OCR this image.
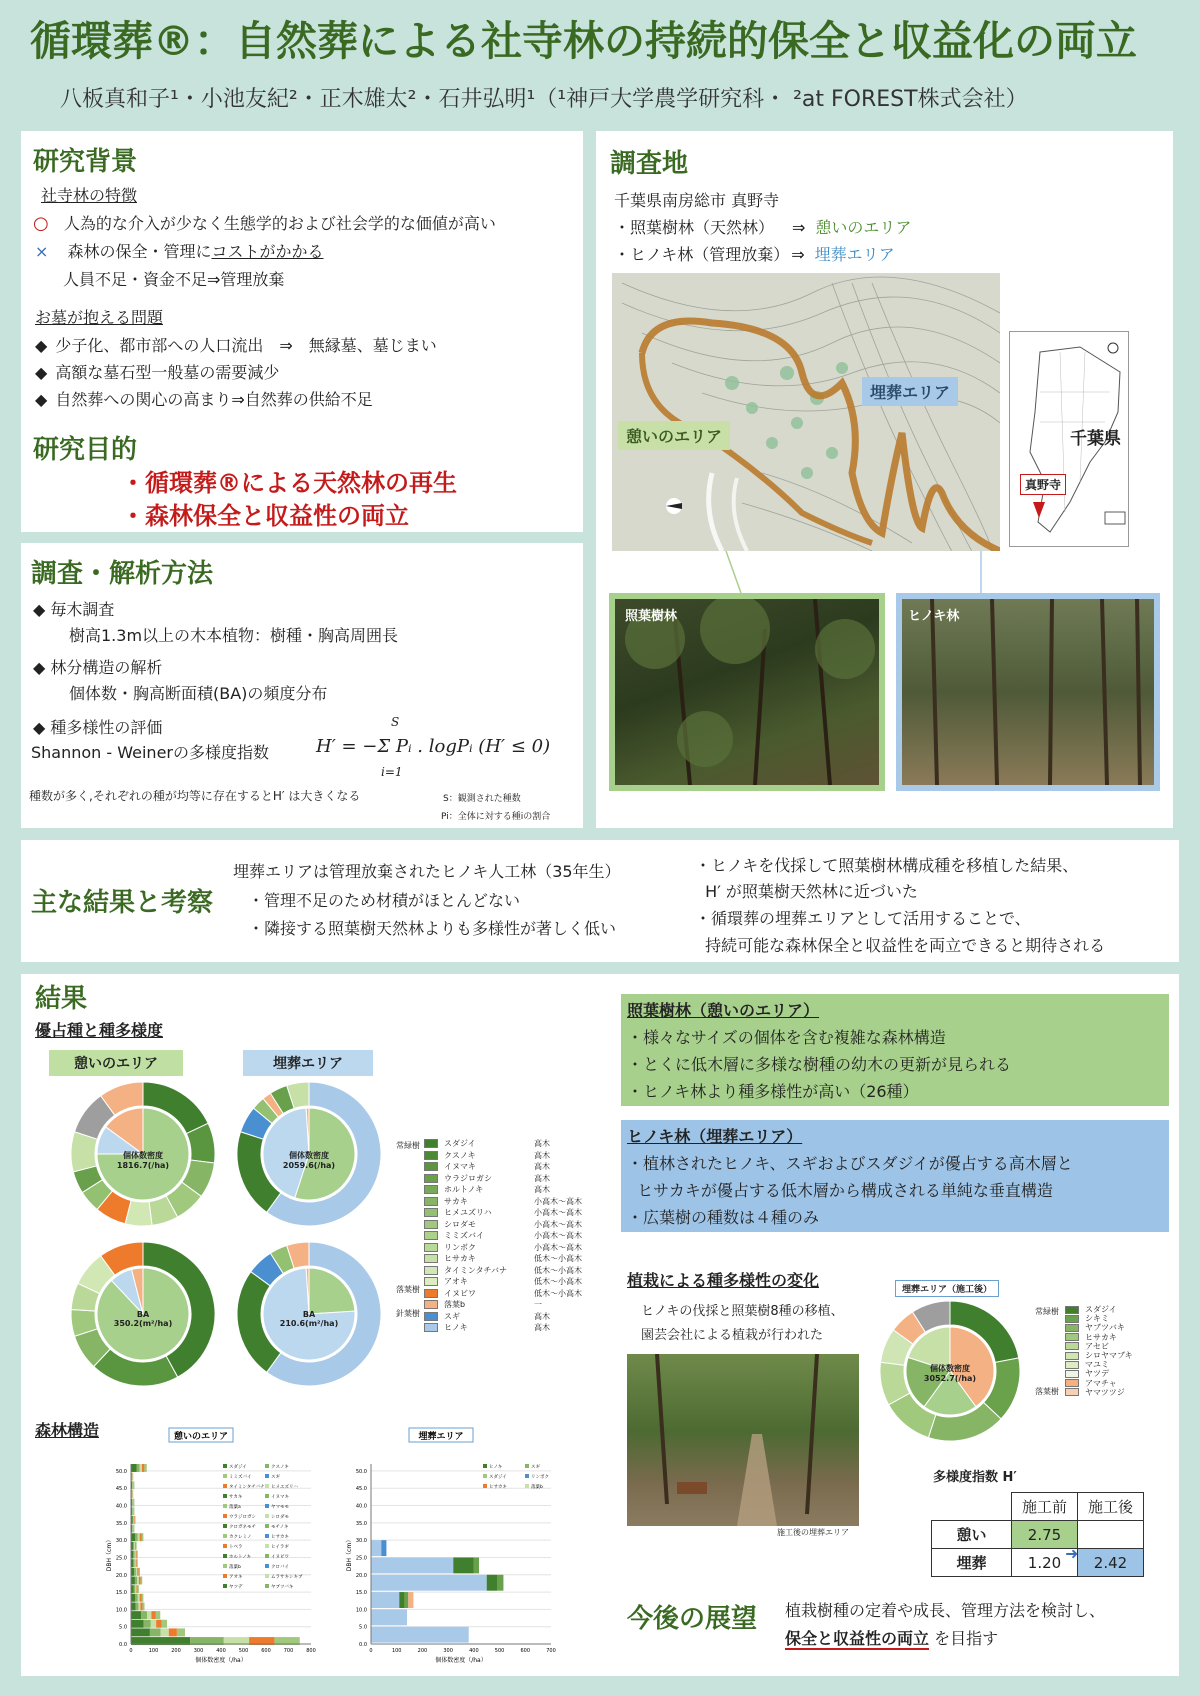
循環葬®：自然葬による社寺林の持続的保全と収益化の両立
八板真和子¹・小池友紀²・正木雄太²・石井弘明¹（¹神戸大学農学研究科・ ²at FOREST株式会社）
研究背景
社寺林の特徴
○ 人為的な介入が少なく生態学的および社会学的な価値が高い
× 森林の保全・管理にコストがかかる
人員不足・資金不足⇒管理放棄
お墓が抱える問題
◆ 少子化、都市部への人口流出　⇒　無縁墓、墓じまい
◆ 高額な墓石型一般墓の需要減少
◆ 自然葬への関心の高まり⇒自然葬の供給不足
研究目的
・循環葬®による天然林の再生
・森林保全と収益性の両立
調査・解析方法
◆ 毎木調査
樹高1.3m以上の木本植物：樹種・胸高周囲長
◆ 林分構造の解析
個体数・胸高断面積(BA)の頻度分布
◆ 種多様性の評価
Shannon - Weinerの多様度指数
S
i=1
H′ = −Σ Pᵢ . logPᵢ (H′ ≤ 0)
種数が多く,それぞれの種が均等に存在するとH′ は大きくなる	S：観測された種数
Pi：全体に対する種iの割合
調査地
千葉県南房総市 真野寺
・照葉樹林（天然林） ⇒ 憩いのエリア
・ヒノキ林（管理放棄） ⇒ 埋葬エリア
憩いのエリア
埋葬エリア
千葉県
真野寺
照葉樹林	ヒノキ林
主な結果と考察
埋葬エリアは管理放棄されたヒノキ人工林（35年生）
・管理不足のため材積がほとんどない
・隣接する照葉樹天然林よりも多様性が著しく低い
・ヒノキを伐採して照葉樹林構成種を移植した結果、
H′ が照葉樹天然林に近づいた
・循環葬の埋葬エリアとして活用することで、
持続可能な森林保全と収益性を両立できると期待される
結果
優占種と種多様度
憩いのエリア	埋葬エリア
個体数密度
1816.7(/ha)
個体数密度
2059.6(/ha)
BA
350.2(m²/ha)
BA
210.6(m²/ha)
スダジイ	高木
クスノキ	高木
イヌマキ	高木
ウラジロガシ	高木
ホルトノキ	高木
サカキ	小高木～高木
ヒメユズリハ	小高木～高木
シロダモ	小高木～高木
ミミズバイ	小高木～高木
リンボク	小高木～高木
ヒサカキ	低木～小高木
タイミンタチバナ	低木～小高木
アオキ	低木～小高木
イヌビワ	低木～小高木
落葉b	一
スギ	高木
ヒノキ	高木
常緑樹
落葉樹
針葉樹
森林構造	憩いのエリア
0.0
5.0
10.0
15.0
20.0
25.0
30.0
35.0
40.0
45.0
50.0
0	100	200	300	400	500	600	700	800
個体数密度（/ha）
DBH（cm）
スダジイ	クスノキ
ミミズバイ	スギ
タイミンタチバナ ヒメユズリハ
サカキ	イヌマキ
落葉a	ヤマモモ
ウラジロガシ	シロダモ
クロガネモチ	モチノキ
カクレミノ	ヒサカキ
トベラ	ヒイラギ
ホルトノキ	イヌビワ
落葉b	クロバイ
アオキ	ムラサキシキブ
ヤツデ	ヤブツバキ
埋葬エリア
0.0
5.0
10.0
15.0
20.0
25.0
30.0
35.0
40.0
45.0
50.0
0	100	200	300	400	500	600	700
個体数密度（/ha）
DBH（cm）
ヒノキ	スギ
スダジイ	リンボク
ヒサカキ	落葉b
照葉樹林（憩いのエリア）
・様々なサイズの個体を含む複雑な森林構造
・とくに低木層に多様な樹種の幼木の更新が見られる
・ヒノキ林より種多様性が高い（26種）
ヒノキ林（埋葬エリア）
・植林されたヒノキ、スギおよびスダジイが優占する高木層と
ヒサカキが優占する低木層から構成される単純な垂直構造
・広葉樹の種数は４種のみ
植栽による種多様性の変化
ヒノキの伐採と照葉樹8種の移植、
園芸会社による植栽が行われた
施工後の埋葬エリア
埋葬エリア（施工後）
個体数密度
3052.7(/ha)
スダジイ
シキミ
ヤブツバキ
ヒサカキ
アセビ
シロヤマブキ
マユミ
ヤツデ
アマチャ
ヤマツツジ
常緑樹
落葉樹
多様度指数 H′
	施工前	施工後
憩い	2.75	
埋葬	1.20	2.42
➜
今後の展望 植栽樹種の定着や成長、管理方法を検討し、
保全と収益性の両立 を目指す
